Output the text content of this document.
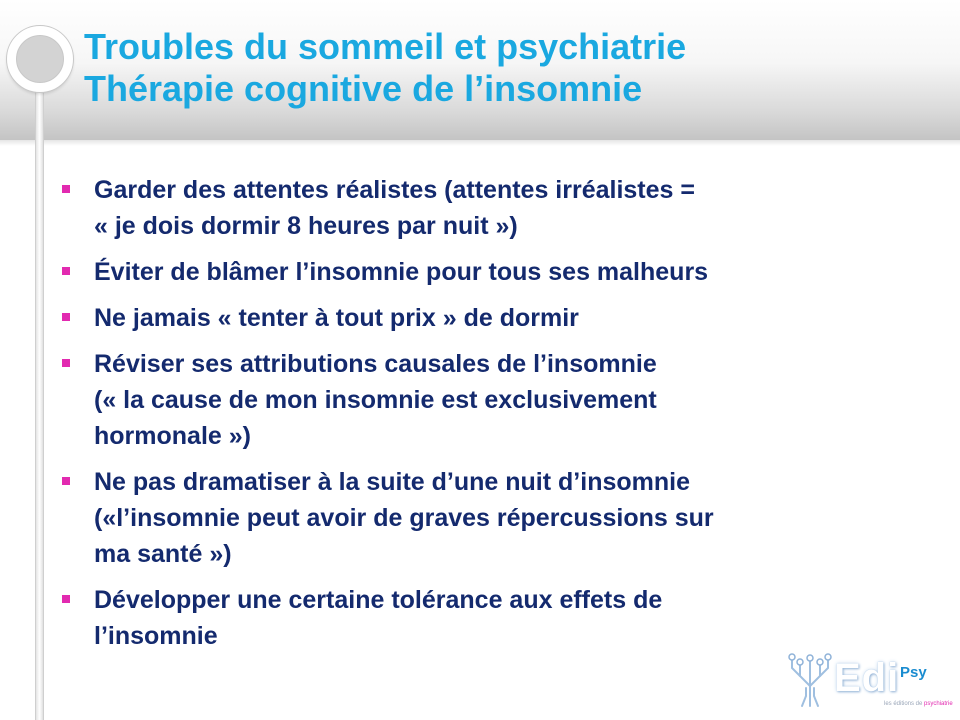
Troubles du sommeil et psychiatrie
Thérapie cognitive de l’insomnie
Garder des attentes réalistes (attentes irréalistes =
« je dois dormir 8 heures par nuit »)
Éviter de blâmer l’insomnie pour tous ses malheurs
Ne jamais « tenter à tout prix » de dormir
Réviser ses attributions causales de l’insomnie
(« la cause de mon insomnie est exclusivement
hormonale »)
Ne pas dramatiser à la suite d’une nuit d’insomnie
(«l’insomnie peut avoir de graves répercussions sur
ma santé »)
Développer une certaine tolérance aux effets de
l’insomnie
Edi Psy
les éditions de psychiatrie
